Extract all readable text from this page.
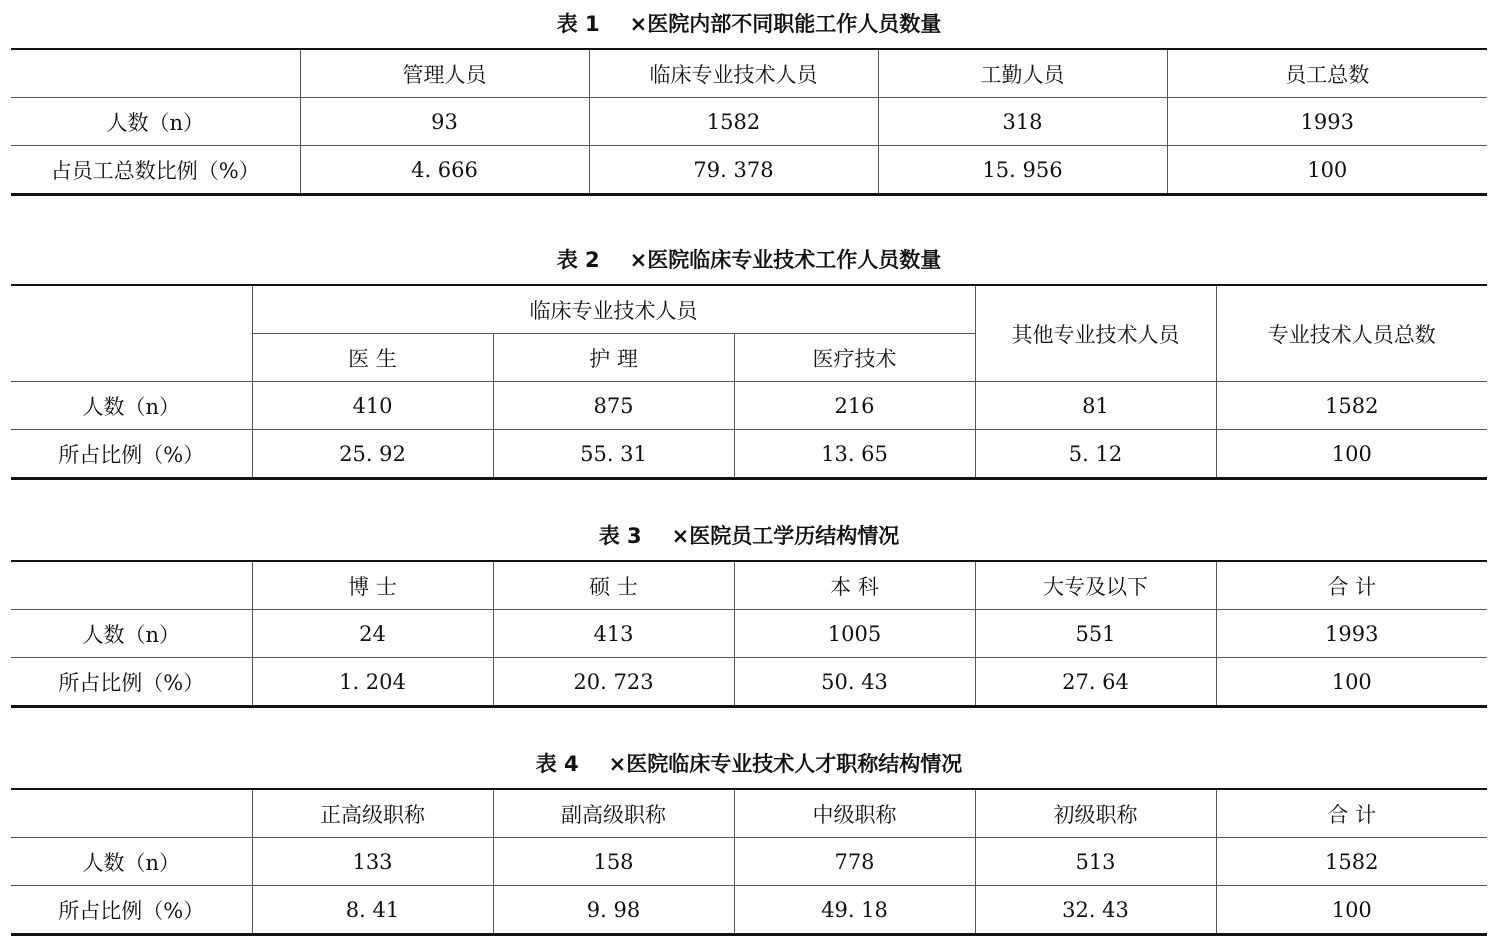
表 1 ×医院内部不同职能工作人员数量
	管理人员	临床专业技术人员	工勤人员	员工总数
人数（n）	93	1582	318	1993
占员工总数比例（%）	4. 666	79. 378	15. 956	100
表 2 ×医院临床专业技术工作人员数量
	临床专业技术人员			其他专业技术人员	专业技术人员总数
	医 生	护 理	医疗技术		
人数（n）	410	875	216	81	1582
所占比例（%）	25. 92	55. 31	13. 65	5. 12	100
表 3 ×医院员工学历结构情况
	博 士	硕 士	本 科	大专及以下	合 计
人数（n）	24	413	1005	551	1993
所占比例（%）	1. 204	20. 723	50. 43	27. 64	100
表 4 ×医院临床专业技术人才职称结构情况
	正高级职称	副高级职称	中级职称	初级职称	合 计
人数（n）	133	158	778	513	1582
所占比例（%）	8. 41	9. 98	49. 18	32. 43	100
